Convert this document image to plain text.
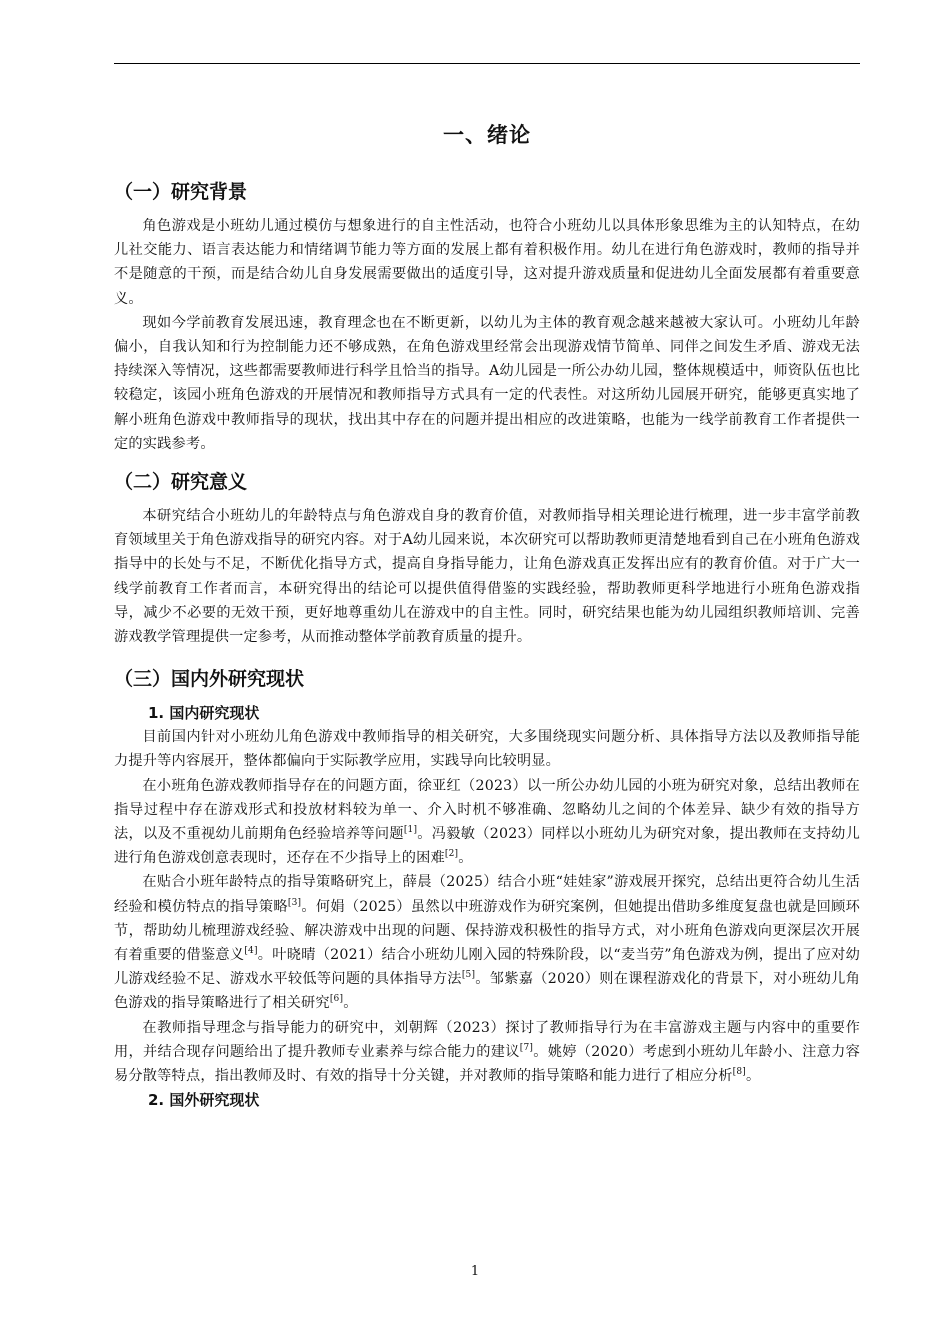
一、绪论
（一）研究背景

角色游戏是小班幼儿通过模仿与想象进行的自主性活动，也符合小班幼儿以具体形象思维为主的认知特点，在幼儿社交能力、语言表达能力和情绪调节能力等方面的发展上都有着积极作用。幼儿在进行角色游戏时，教师的指导并不是随意的干预，而是结合幼儿自身发展需要做出的适度引导，这对提升游戏质量和促进幼儿全面发展都有着重要意义。

现如今学前教育发展迅速，教育理念也在不断更新，以幼儿为主体的教育观念越来越被大家认可。小班幼儿年龄偏小，自我认知和行为控制能力还不够成熟，在角色游戏里经常会出现游戏情节简单、同伴之间发生矛盾、游戏无法持续深入等情况，这些都需要教师进行科学且恰当的指导。A幼儿园是一所公办幼儿园，整体规模适中，师资队伍也比较稳定，该园小班角色游戏的开展情况和教师指导方式具有一定的代表性。对这所幼儿园展开研究，能够更真实地了解小班角色游戏中教师指导的现状，找出其中存在的问题并提出相应的改进策略，也能为一线学前教育工作者提供一定的实践参考。

（二）研究意义

本研究结合小班幼儿的年龄特点与角色游戏自身的教育价值，对教师指导相关理论进行梳理，进一步丰富学前教育领域里关于角色游戏指导的研究内容。对于A幼儿园来说，本次研究可以帮助教师更清楚地看到自己在小班角色游戏指导中的长处与不足，不断优化指导方式，提高自身指导能力，让角色游戏真正发挥出应有的教育价值。对于广大一线学前教育工作者而言，本研究得出的结论可以提供值得借鉴的实践经验，帮助教师更科学地进行小班角色游戏指导，减少不必要的无效干预，更好地尊重幼儿在游戏中的自主性。同时，研究结果也能为幼儿园组织教师培训、完善游戏教学管理提供一定参考，从而推动整体学前教育质量的提升。

（三）国内外研究现状
1. 国内研究现状

目前国内针对小班幼儿角色游戏中教师指导的相关研究，大多围绕现实问题分析、具体指导方法以及教师指导能力提升等内容展开，整体都偏向于实际教学应用，实践导向比较明显。

在小班角色游戏教师指导存在的问题方面，徐亚红（2023）以一所公办幼儿园的小班为研究对象，总结出教师在指导过程中存在游戏形式和投放材料较为单一、介入时机不够准确、忽略幼儿之间的个体差异、缺少有效的指导方法，以及不重视幼儿前期角色经验培养等问题[1]。冯毅敏（2023）同样以小班幼儿为研究对象，提出教师在支持幼儿进行角色游戏创意表现时，还存在不少指导上的困难[2]。

在贴合小班年龄特点的指导策略研究上，薛晨（2025）结合小班“娃娃家”游戏展开探究，总结出更符合幼儿生活经验和模仿特点的指导策略[3]。何娟（2025）虽然以中班游戏作为研究案例，但她提出借助多维度复盘也就是回顾环节，帮助幼儿梳理游戏经验、解决游戏中出现的问题、保持游戏积极性的指导方式，对小班角色游戏向更深层次开展有着重要的借鉴意义[4]。叶晓晴（2021）结合小班幼儿刚入园的特殊阶段，以“麦当劳”角色游戏为例，提出了应对幼儿游戏经验不足、游戏水平较低等问题的具体指导方法[5]。邹紫嘉（2020）则在课程游戏化的背景下，对小班幼儿角色游戏的指导策略进行了相关研究[6]。

在教师指导理念与指导能力的研究中，刘朝辉（2023）探讨了教师指导行为在丰富游戏主题与内容中的重要作用，并结合现存问题给出了提升教师专业素养与综合能力的建议[7]。姚婷（2020）考虑到小班幼儿年龄小、注意力容易分散等特点，指出教师及时、有效的指导十分关键，并对教师的指导策略和能力进行了相应分析[8]。

2. 国外研究现状
1
